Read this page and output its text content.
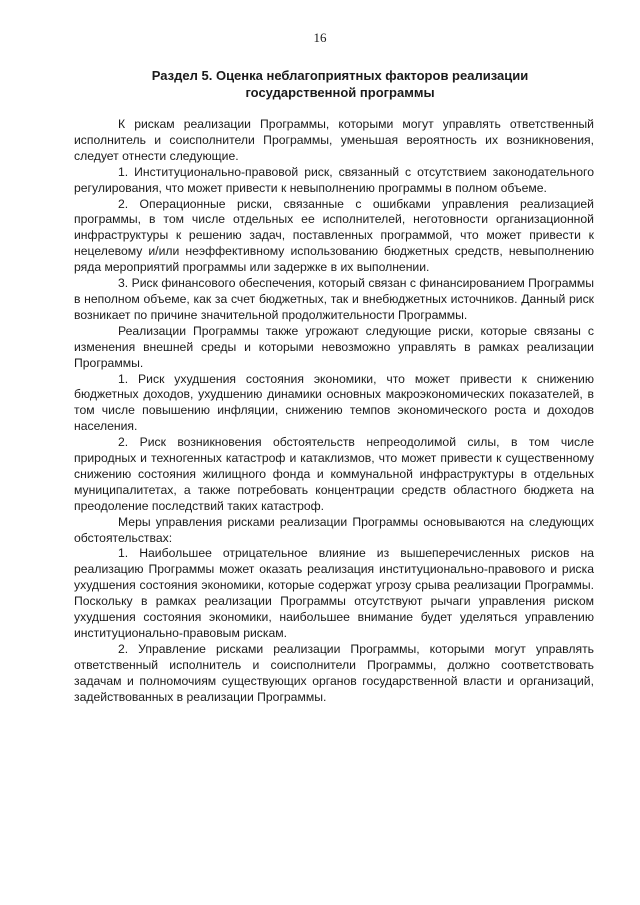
16
Раздел 5. Оценка неблагоприятных факторов реализации
государственной программы

К рискам реализации Программы, которыми могут управлять ответственный исполнитель и соисполнители Программы, уменьшая вероятность их возникновения, следует отнести следующие.

1. Институционально-правовой риск, связанный с отсутствием законодательного регулирования, что может привести к невыполнению программы в полном объеме.

2. Операционные риски, связанные с ошибками управления реализацией программы, в том числе отдельных ее исполнителей, неготовности организационной инфраструктуры к решению задач, поставленных программой, что может привести к нецелевому и/или неэффективному использованию бюджетных средств, невыполнению ряда мероприятий программы или задержке в их выполнении.

3. Риск финансового обеспечения, который связан с финансированием Программы в неполном объеме, как за счет бюджетных, так и внебюджетных источников. Данный риск возникает по причине значительной продолжительности Программы.

Реализации Программы также угрожают следующие риски, которые связаны с изменения внешней среды и которыми невозможно управлять в рамках реализации Программы.

1. Риск ухудшения состояния экономики, что может привести к снижению бюджетных доходов, ухудшению динамики основных макроэкономических показателей, в том числе повышению инфляции, снижению темпов экономического роста и доходов населения.

2. Риск возникновения обстоятельств непреодолимой силы, в том числе природных и техногенных катастроф и катаклизмов, что может привести к существенному снижению состояния жилищного фонда и коммунальной инфраструктуры в отдельных муниципалитетах, а также потребовать концентрации средств областного бюджета на преодоление последствий таких катастроф.

Меры управления рисками реализации Программы основываются на следующих обстоятельствах:

1. Наибольшее отрицательное влияние из вышеперечисленных рисков на реализацию Программы может оказать реализация институционально-правового и риска ухудшения состояния экономики, которые содержат угрозу срыва реализации Программы. Поскольку в рамках реализации Программы отсутствуют рычаги управления риском ухудшения состояния экономики, наибольшее внимание будет уделяться управлению институционально-правовым рискам.

2. Управление рисками реализации Программы, которыми могут управлять ответственный исполнитель и соисполнители Программы, должно соответствовать задачам и полномочиям существующих органов государственной власти и организаций, задействованных в реализации Программы.
